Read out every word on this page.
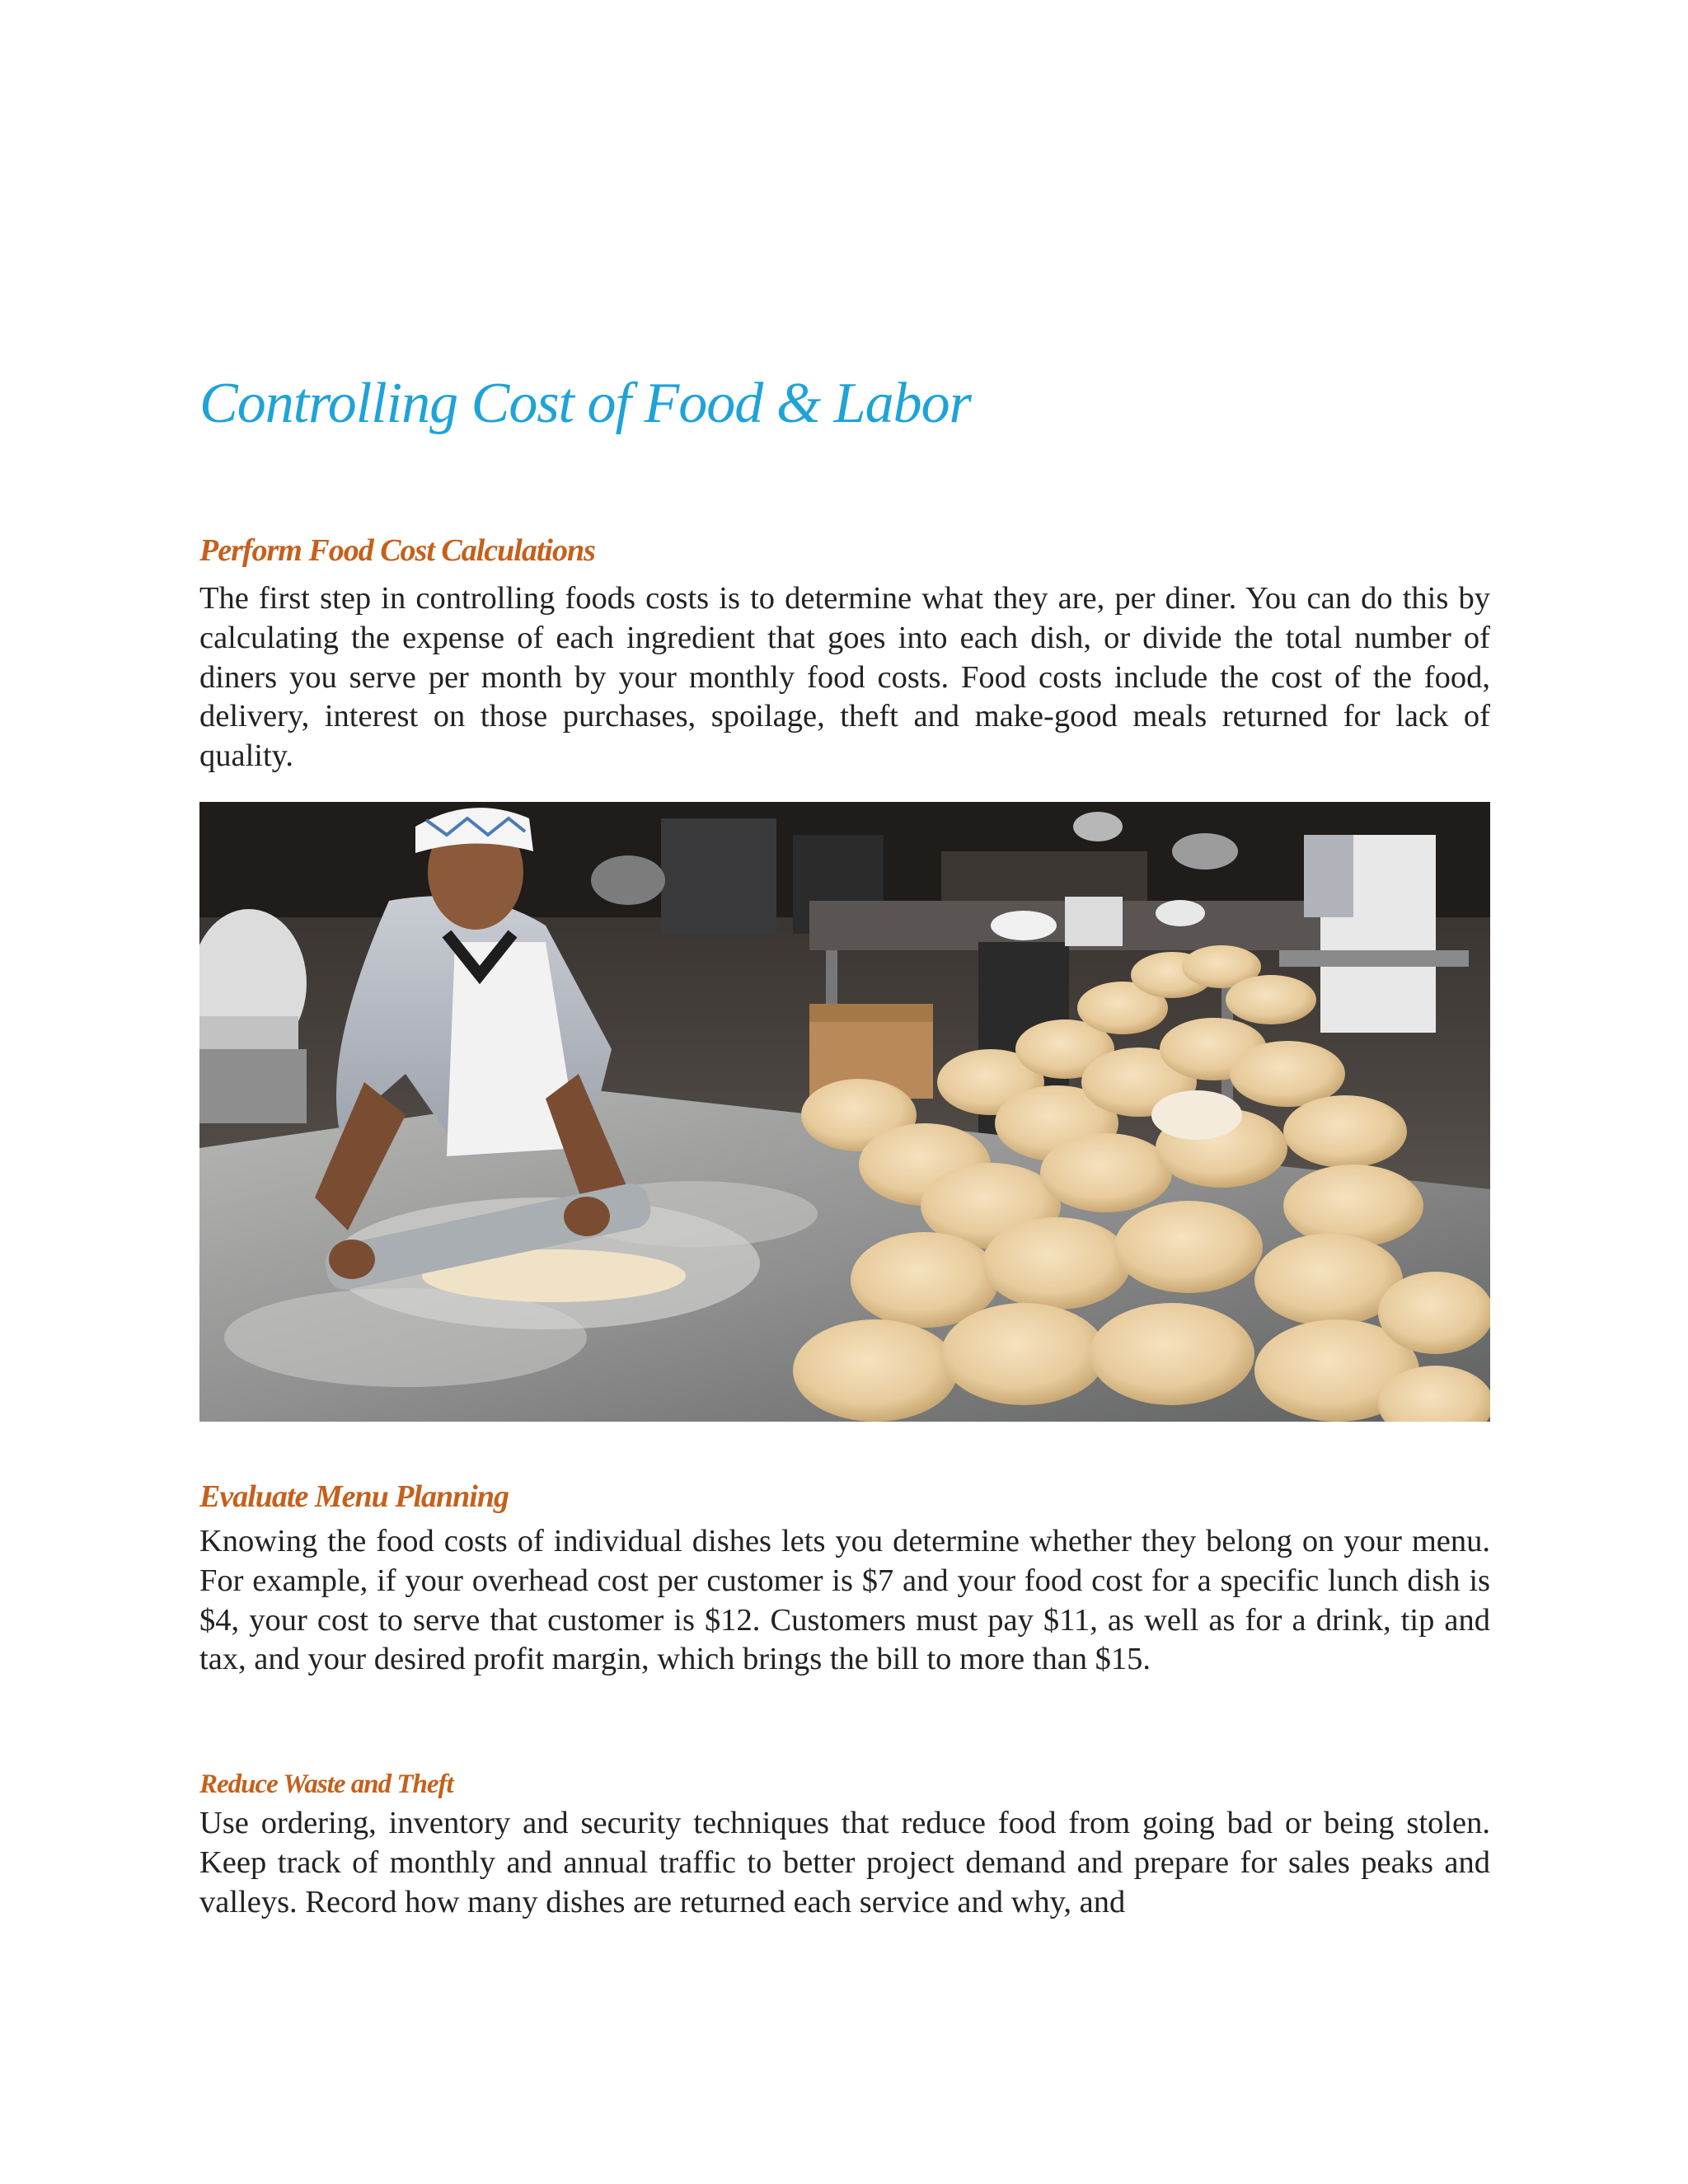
Controlling Cost of Food & Labor
Perform Food Cost Calculations

The first step in controlling foods costs is to determine what they are, per diner. You can do this by calculating the expense of each ingredient that goes into each dish, or divide the total number of diners you serve per month by your monthly food costs. Food costs include the cost of the food, delivery, interest on those purchases, spoilage, theft and make-good meals returned for lack of quality.

Evaluate Menu Planning

Knowing the food costs of individual dishes lets you determine whether they belong on your menu. For example, if your overhead cost per customer is $7 and your food cost for a specific lunch dish is $4, your cost to serve that customer is $12. Customers must pay $11, as well as for a drink, tip and tax, and your desired profit margin, which brings the bill to more than $15.

Reduce Waste and Theft

Use ordering, inventory and security techniques that reduce food from going bad or being stolen. Keep track of monthly and annual traffic to better project demand and prepare for sales peaks and valleys. Record how many dishes are returned each service and why, and
